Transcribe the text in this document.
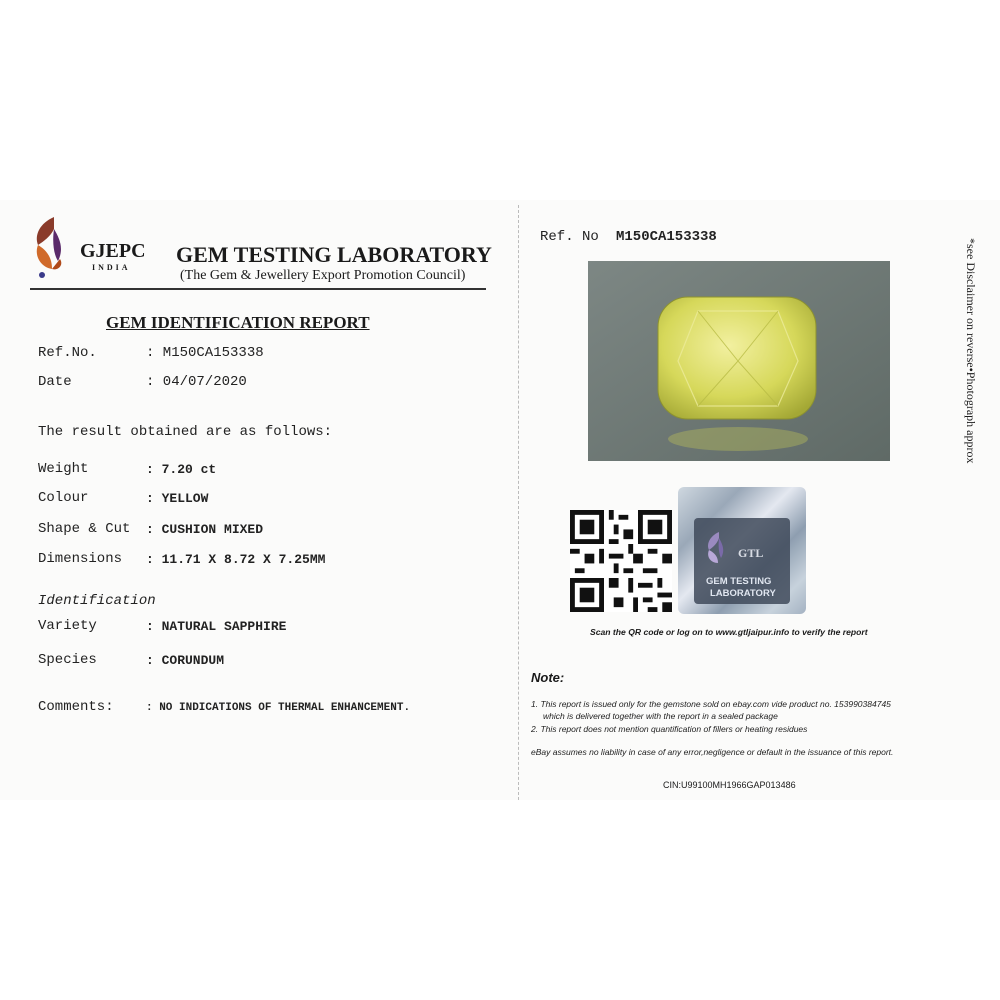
GJEPC
INDIA
GEM TESTING LABORATORY
(The Gem & Jewellery Export Promotion Council)
GEM IDENTIFICATION REPORT
Ref.No.	: M150CA153338
Date	: 04/07/2020
The result obtained are as follows:
Weight	: 7.20 ct
Colour	: YELLOW
Shape & Cut : CUSHION MIXED
Dimensions : 11.71 X 8.72 X 7.25MM
Identification
Variety	: NATURAL SAPPHIRE
Species	: CORUNDUM
Comments:	: NO INDICATIONS OF THERMAL ENHANCEMENT.
Ref. No M150CA153338
GTL
GEM TESTING
LABORATORY
Scan the QR code or log on to www.gtljaipur.info to verify the report
Note:
1. This report is issued only for the gemstone sold on ebay.com vide product no. 153990384745
which is delivered together with the report in a sealed package
2. This report does not mention quantification of fillers or heating residues
eBay assumes no liability in case of any error,negligence or default in the issuance of this report.
CIN:U99100MH1966GAP013486
*see Disclaimer on reverse•Photograph approx
